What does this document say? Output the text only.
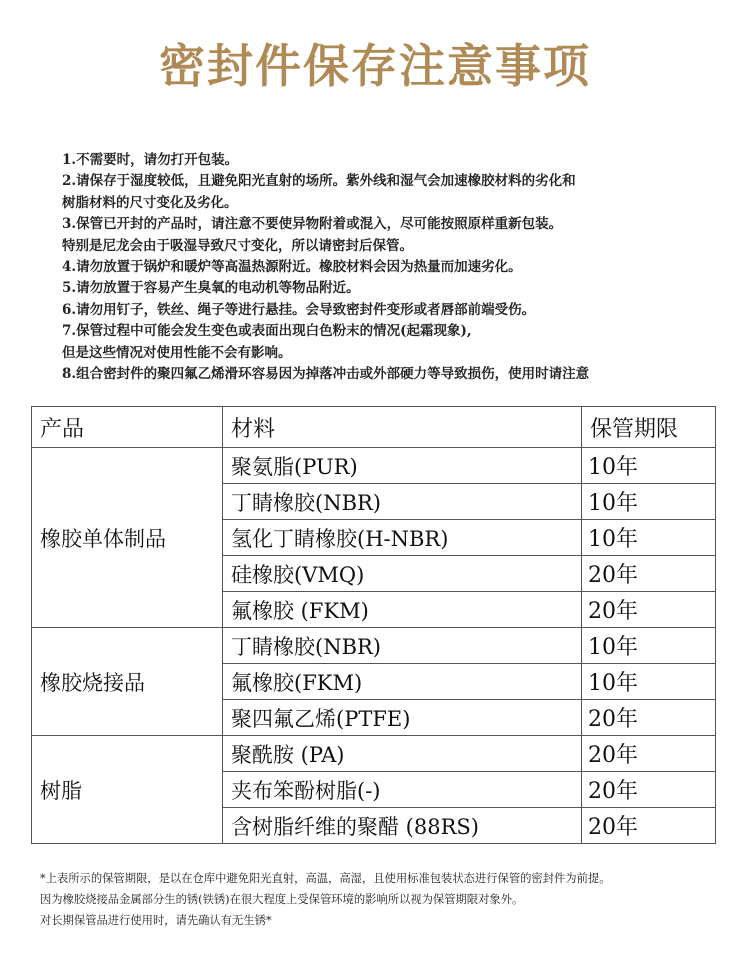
密封件保存注意事项
1.不需要时，请勿打开包装。
2.请保存于湿度较低，且避免阳光直射的场所。紫外线和湿气会加速橡胶材料的劣化和
树脂材料的尺寸变化及劣化。
3.保管已开封的产品时，请注意不要使异物附着或混入，尽可能按照原样重新包装。
特别是尼龙会由于吸湿导致尺寸变化，所以请密封后保管。
4.请勿放置于锅炉和暖炉等高温热源附近。橡胶材料会因为热量而加速劣化。
5.请勿放置于容易产生臭氧的电动机等物品附近。
6.请勿用钉子，铁丝、绳子等进行悬挂。会导致密封件变形或者唇部前端受伤。
7.保管过程中可能会发生变色或表面出现白色粉末的情况(起霜现象),
但是这些情况对使用性能不会有影响。
8.组合密封件的聚四氟乙烯滑环容易因为掉落冲击或外部硬力等导致损伤，使用时请注意
产品	材料	保管期限
橡胶单体制品	聚氨脂(PUR)	10年
	丁睛橡胶(NBR)	10年
	氢化丁睛橡胶(H-NBR)	10年
	硅橡胶(VMQ)	20年
	氟橡胶 (FKM)	20年
橡胶烧接品	丁睛橡胶(NBR)	10年
	氟橡胶(FKM)	10年
	聚四氟乙烯(PTFE)	20年
树脂	聚酰胺 (PA)	20年
	夹布笨酚树脂(-)	20年
	含树脂纤维的聚醋 (88RS)	20年
*上表所示的保管期限，是以在仓库中避免阳光直射，高温，高湿，且使用标准包装状态进行保管的密封件为前提。
因为橡胶烧接品金属部分生的锈(铁锈)在很大程度上受保管环境的影响所以视为保管期限对象外。
对长期保管品进行使用时，请先确认有无生锈*
